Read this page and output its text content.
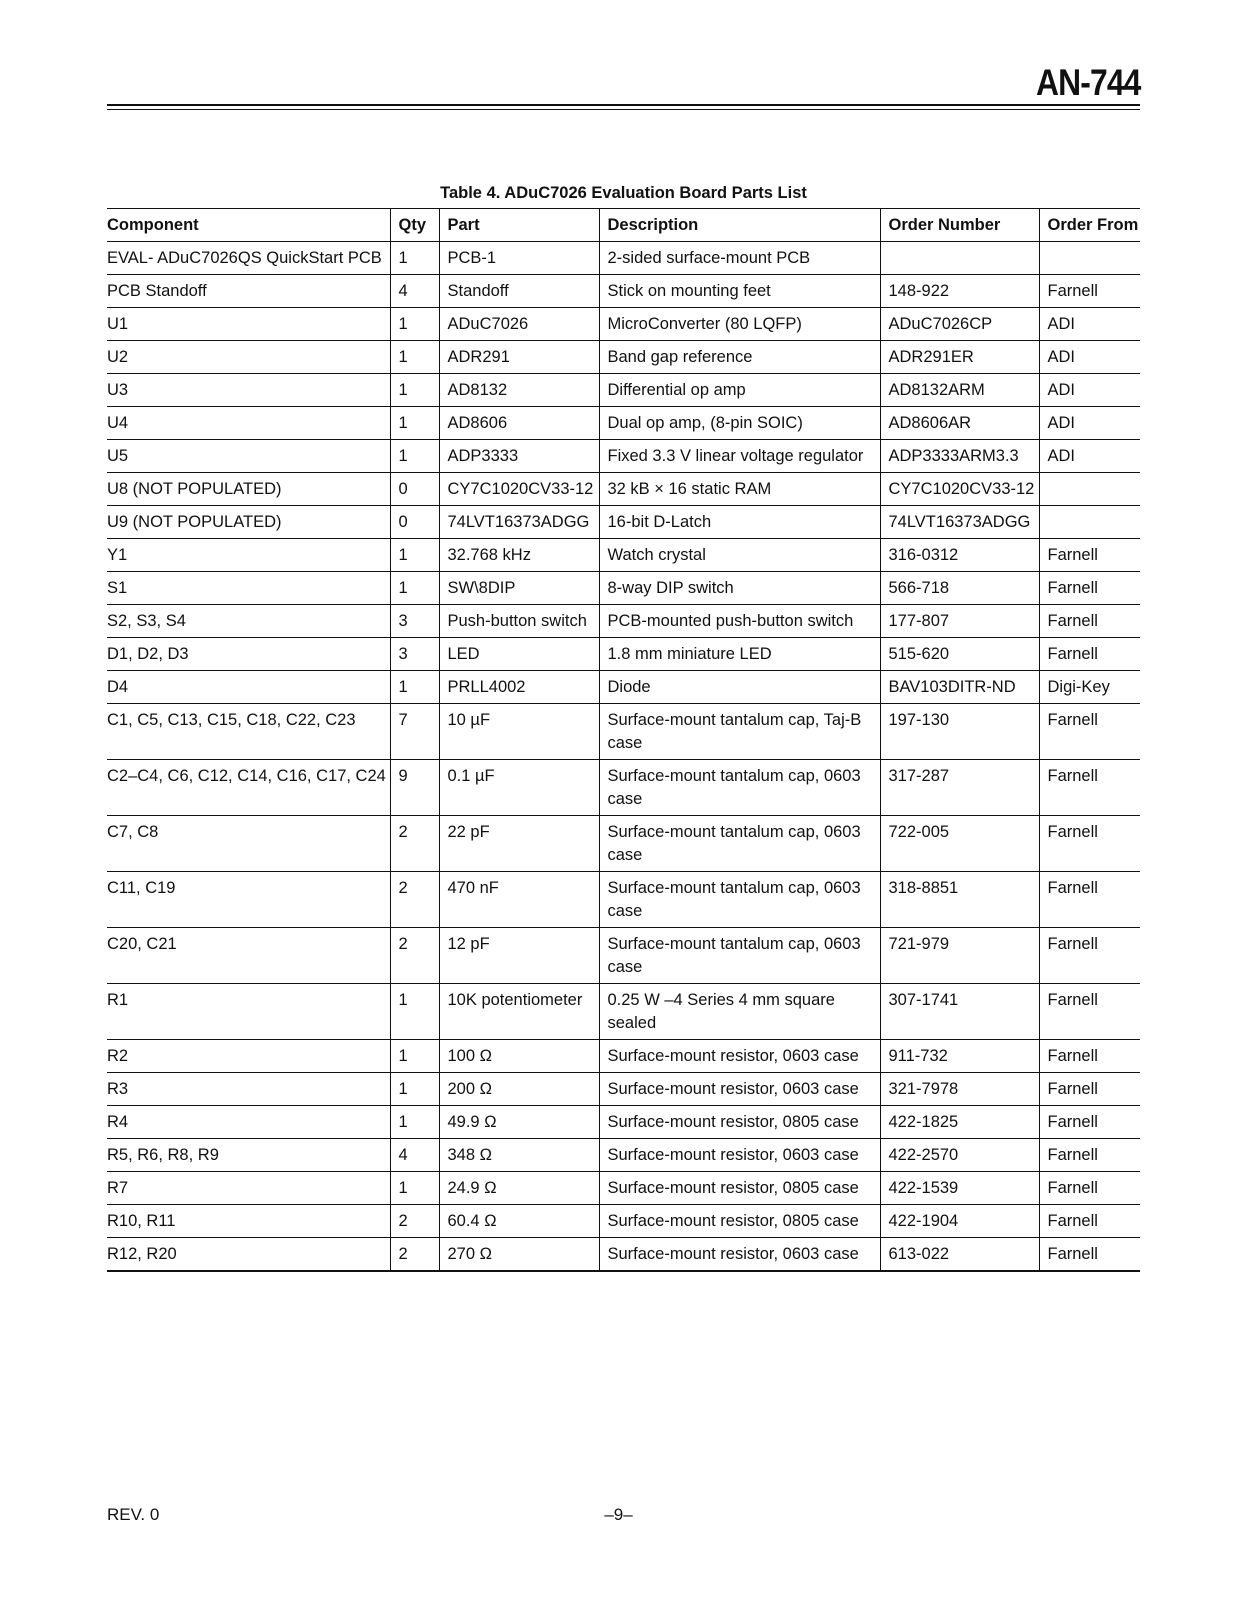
AN-744
Table 4. ADuC7026 Evaluation Board Parts List
Component	Qty	Part	Description	Order Number	Order From
EVAL- ADuC7026QS QuickStart PCB	1	PCB-1	2-sided surface-mount PCB		
PCB Standoff	4	Standoff	Stick on mounting feet	148-922	Farnell
U1	1	ADuC7026	MicroConverter (80 LQFP)	ADuC7026CP	ADI
U2	1	ADR291	Band gap reference	ADR291ER	ADI
U3	1	AD8132	Differential op amp	AD8132ARM	ADI
U4	1	AD8606	Dual op amp, (8-pin SOIC)	AD8606AR	ADI
U5	1	ADP3333	Fixed 3.3 V linear voltage regulator	ADP3333ARM3.3	ADI
U8 (NOT POPULATED)	0	CY7C1020CV33-12	32 kB × 16 static RAM	CY7C1020CV33-12	
U9 (NOT POPULATED)	0	74LVT16373ADGG	16-bit D-Latch	74LVT16373ADGG	
Y1	1	32.768 kHz	Watch crystal	316-0312	Farnell
S1	1	SW\8DIP	8-way DIP switch	566-718	Farnell
S2, S3, S4	3	Push-button switch	PCB-mounted push-button switch	177-807	Farnell
D1, D2, D3	3	LED	1.8 mm miniature LED	515-620	Farnell
D4	1	PRLL4002	Diode	BAV103DITR-ND	Digi-Key
C1, C5, C13, C15, C18, C22, C23	7	10 µF	Surface-mount tantalum cap, Taj-B case	197-130	Farnell
C2–C4, C6, C12, C14, C16, C17, C24	9	0.1 µF	Surface-mount tantalum cap, 0603 case	317-287	Farnell
C7, C8	2	22 pF	Surface-mount tantalum cap, 0603 case	722-005	Farnell
C11, C19	2	470 nF	Surface-mount tantalum cap, 0603 case	318-8851	Farnell
C20, C21	2	12 pF	Surface-mount tantalum cap, 0603 case	721-979	Farnell
R1	1	10K potentiometer	0.25 W –4 Series 4 mm square sealed	307-1741	Farnell
R2	1	100 Ω	Surface-mount resistor, 0603 case	911-732	Farnell
R3	1	200 Ω	Surface-mount resistor, 0603 case	321-7978	Farnell
R4	1	49.9 Ω	Surface-mount resistor, 0805 case	422-1825	Farnell
R5, R6, R8, R9	4	348 Ω	Surface-mount resistor, 0603 case	422-2570	Farnell
R7	1	24.9 Ω	Surface-mount resistor, 0805 case	422-1539	Farnell
R10, R11	2	60.4 Ω	Surface-mount resistor, 0805 case	422-1904	Farnell
R12, R20	2	270 Ω	Surface-mount resistor, 0603 case	613-022	Farnell
REV. 0	–9–
